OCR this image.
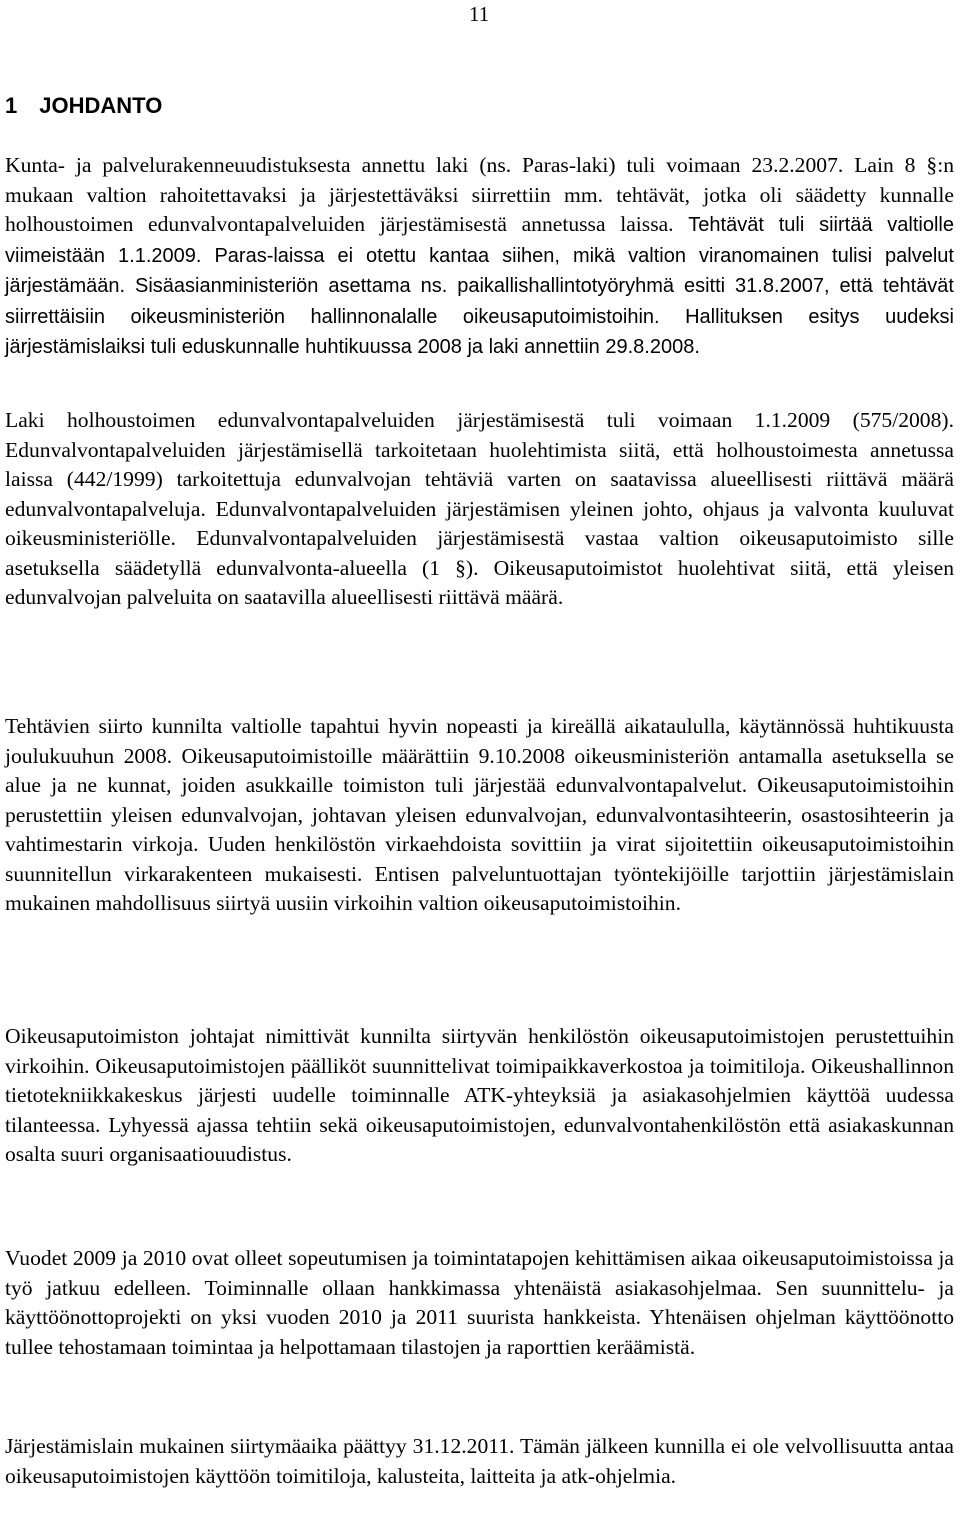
11
1 JOHDANTO

Kunta- ja palvelurakenneuudistuksesta annettu laki (ns. Paras-laki) tuli voimaan 23.2.2007. Lain 8 §:n mukaan valtion rahoitettavaksi ja järjestettäväksi siirrettiin mm. tehtävät, jotka oli säädetty kunnalle holhoustoimen edunvalvontapalveluiden järjestämisestä annetussa laissa. Tehtävät tuli siirtää valtiolle viimeistään 1.1.2009. Paras-laissa ei otettu kantaa siihen, mikä valtion viranomainen tulisi palvelut järjestämään. Sisäasianministeriön asettama ns. paikallishallintotyöryhmä esitti 31.8.2007, että tehtävät siirrettäisiin oikeusministeriön hallinnonalalle oikeusaputoimistoihin. Hallituksen esitys uudeksi järjestämislaiksi tuli eduskunnalle huhtikuussa 2008 ja laki annettiin 29.8.2008.

Laki holhoustoimen edunvalvontapalveluiden järjestämisestä tuli voimaan 1.1.2009 (575/2008). Edunvalvontapalveluiden järjestämisellä tarkoitetaan huolehtimista siitä, että holhoustoimesta annetussa laissa (442/1999) tarkoitettuja edunvalvojan tehtäviä varten on saatavissa alueellisesti riittävä määrä edunvalvontapalveluja. Edunvalvontapalveluiden järjestämisen yleinen johto, ohjaus ja valvonta kuuluvat oikeusministeriölle. Edunvalvontapalveluiden järjestämisestä vastaa valtion oikeusaputoimisto sille asetuksella säädetyllä edunvalvonta-alueella (1 §). Oikeusaputoimistot huolehtivat siitä, että yleisen edunvalvojan palveluita on saatavilla alueellisesti riittävä määrä.

Tehtävien siirto kunnilta valtiolle tapahtui hyvin nopeasti ja kireällä aikataululla, käytännössä huhtikuusta joulukuuhun 2008. Oikeusaputoimistoille määrättiin 9.10.2008 oikeusministeriön antamalla asetuksella se alue ja ne kunnat, joiden asukkaille toimiston tuli järjestää edunvalvontapalvelut. Oikeusaputoimistoihin perustettiin yleisen edunvalvojan, johtavan yleisen edunvalvojan, edunvalvontasihteerin, osastosihteerin ja vahtimestarin virkoja. Uuden henkilöstön virkaehdoista sovittiin ja virat sijoitettiin oikeusaputoimistoihin suunnitellun virkarakenteen mukaisesti. Entisen palveluntuottajan työntekijöille tarjottiin järjestämislain mukainen mahdollisuus siirtyä uusiin virkoihin valtion oikeusaputoimistoihin.

Oikeusaputoimiston johtajat nimittivät kunnilta siirtyvän henkilöstön oikeusaputoimistojen perustettuihin virkoihin. Oikeusaputoimistojen päälliköt suunnittelivat toimipaikkaverkostoa ja toimitiloja. Oikeushallinnon tietotekniikkakeskus järjesti uudelle toiminnalle ATK-yhteyksiä ja asiakasohjelmien käyttöä uudessa tilanteessa. Lyhyessä ajassa tehtiin sekä oikeusaputoimistojen, edunvalvontahenkilöstön että asiakaskunnan osalta suuri organisaatiouudistus.

Vuodet 2009 ja 2010 ovat olleet sopeutumisen ja toimintatapojen kehittämisen aikaa oikeusaputoimistoissa ja työ jatkuu edelleen. Toiminnalle ollaan hankkimassa yhtenäistä asiakasohjelmaa. Sen suunnittelu- ja käyttöönottoprojekti on yksi vuoden 2010 ja 2011 suurista hankkeista. Yhtenäisen ohjelman käyttöönotto tullee tehostamaan toimintaa ja helpottamaan tilastojen ja raporttien keräämistä.

Järjestämislain mukainen siirtymäaika päättyy 31.12.2011. Tämän jälkeen kunnilla ei ole velvollisuutta antaa oikeusaputoimistojen käyttöön toimitiloja, kalusteita, laitteita ja atk-ohjelmia.
